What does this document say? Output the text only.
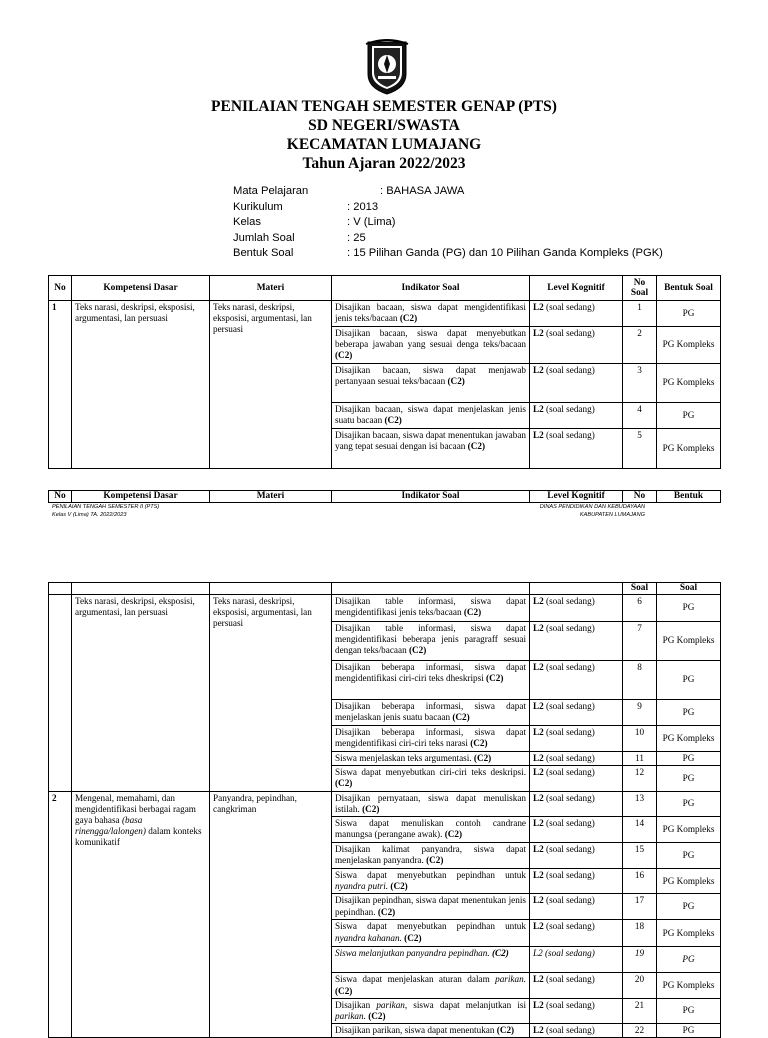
PENILAIAN TENGAH SEMESTER GENAP (PTS)
SD NEGERI/SWASTA
KECAMATAN LUMAJANG
Tahun Ajaran 2022/2023
Mata Pelajaran	: BAHASA JAWA
Kurikulum	: 2013
Kelas	: V (Lima)
Jumlah Soal	: 25
Bentuk Soal	: 15 Pilihan Ganda (PG) dan 10 Pilihan Ganda Kompleks (PGK)
No	Kompetensi Dasar	Materi	Indikator Soal	Level Kognitif	No Soal	Bentuk Soal
1	Teks narasi, deskripsi, eksposisi, argumentasi, lan persuasi	Teks narasi, deskripsi, eksposisi, argumentasi, lan persuasi	Disajikan bacaan, siswa dapat mengidentifikasi jenis teks/bacaan (C2)	L2 (soal sedang)	1	PG
			Disajikan bacaan, siswa dapat menyebutkan beberapa jawaban yang sesuai denga teks/bacaan (C2)	L2 (soal sedang)	2	PG Kompleks
			Disajikan bacaan, siswa dapat menjawab pertanyaan sesuai teks/bacaan (C2)	L2 (soal sedang)	3	PG Kompleks
			Disajikan bacaan, siswa dapat menjelaskan jenis suatu bacaan (C2)	L2 (soal sedang)	4	PG
			Disajikan bacaan, siswa dapat menentukan jawaban yang tepat sesuai dengan isi bacaan (C2)	L2 (soal sedang)	5	PG Kompleks
No	Kompetensi Dasar	Materi	Indikator Soal	Level Kognitif	No	Bentuk
PENILAIAN TENGAH SEMESTER II (PTS)
Kelas V (Lima) TA. 2022/2023
DINAS PENDIDIKAN DAN KEBUDAYAAN
KABUPATEN LUMAJANG
					Soal	Soal
	Teks narasi, deskripsi, eksposisi, argumentasi, lan persuasi	Teks narasi, deskripsi, eksposisi, argumentasi, lan persuasi	Disajikan table informasi, siswa dapat mengidentifikasi jenis teks/bacaan (C2)	L2 (soal sedang)	6	PG
			Disajikan table informasi, siswa dapat mengidentifikasi beberapa jenis paragraff sesuai dengan teks/bacaan (C2)	L2 (soal sedang)	7	PG Kompleks
			Disajikan beberapa informasi, siswa dapat mengidentifikasi ciri-ciri teks dheskripsi (C2)	L2 (soal sedang)	8	PG
			Disajikan beberapa informasi, siswa dapat menjelaskan jenis suatu bacaan (C2)	L2 (soal sedang)	9	PG
			Disajikan beberapa informasi, siswa dapat mengidentifikasi ciri-ciri teks narasi (C2)	L2 (soal sedang)	10	PG Kompleks
			Siswa menjelaskan teks argumentasi. (C2)	L2 (soal sedang)	11	PG
			Siswa dapat menyebutkan ciri-ciri teks deskripsi. (C2)	L2 (soal sedang)	12	PG
2	Mengenal, memahami, dan mengidentifikasi berbagai ragam gaya bahasa (basa rinengga/lalongen) dalam konteks komunikatif	Panyandra, pepindhan, cangkriman	Disajikan pernyataan, siswa dapat menuliskan istilah. (C2)	L2 (soal sedang)	13	PG
			Siswa dapat menuliskan contoh candrane manungsa (perangane awak). (C2)	L2 (soal sedang)	14	PG Kompleks
			Disajikan kalimat panyandra, siswa dapat menjelaskan panyandra. (C2)	L2 (soal sedang)	15	PG
			Siswa dapat menyebutkan pepindhan untuk nyandra putri. (C2)	L2 (soal sedang)	16	PG Kompleks
			Disajikan pepindhan, siswa dapat menentukan jenis pepindhan. (C2)	L2 (soal sedang)	17	PG
			Siswa dapat menyebutkan pepindhan untuk nyandra kahanan. (C2)	L2 (soal sedang)	18	PG Kompleks
			Siswa melanjutkan panyandra pepindhan. (C2)	L2 (soal sedang)	19	PG
			Siswa dapat menjelaskan aturan dalam parikan. (C2)	L2 (soal sedang)	20	PG Kompleks
			Disajikan parikan, siswa dapat melanjutkan isi parikan. (C2)	L2 (soal sedang)	21	PG
			Disajikan parikan, siswa dapat menentukan (C2)	L2 (soal sedang)	22	PG
